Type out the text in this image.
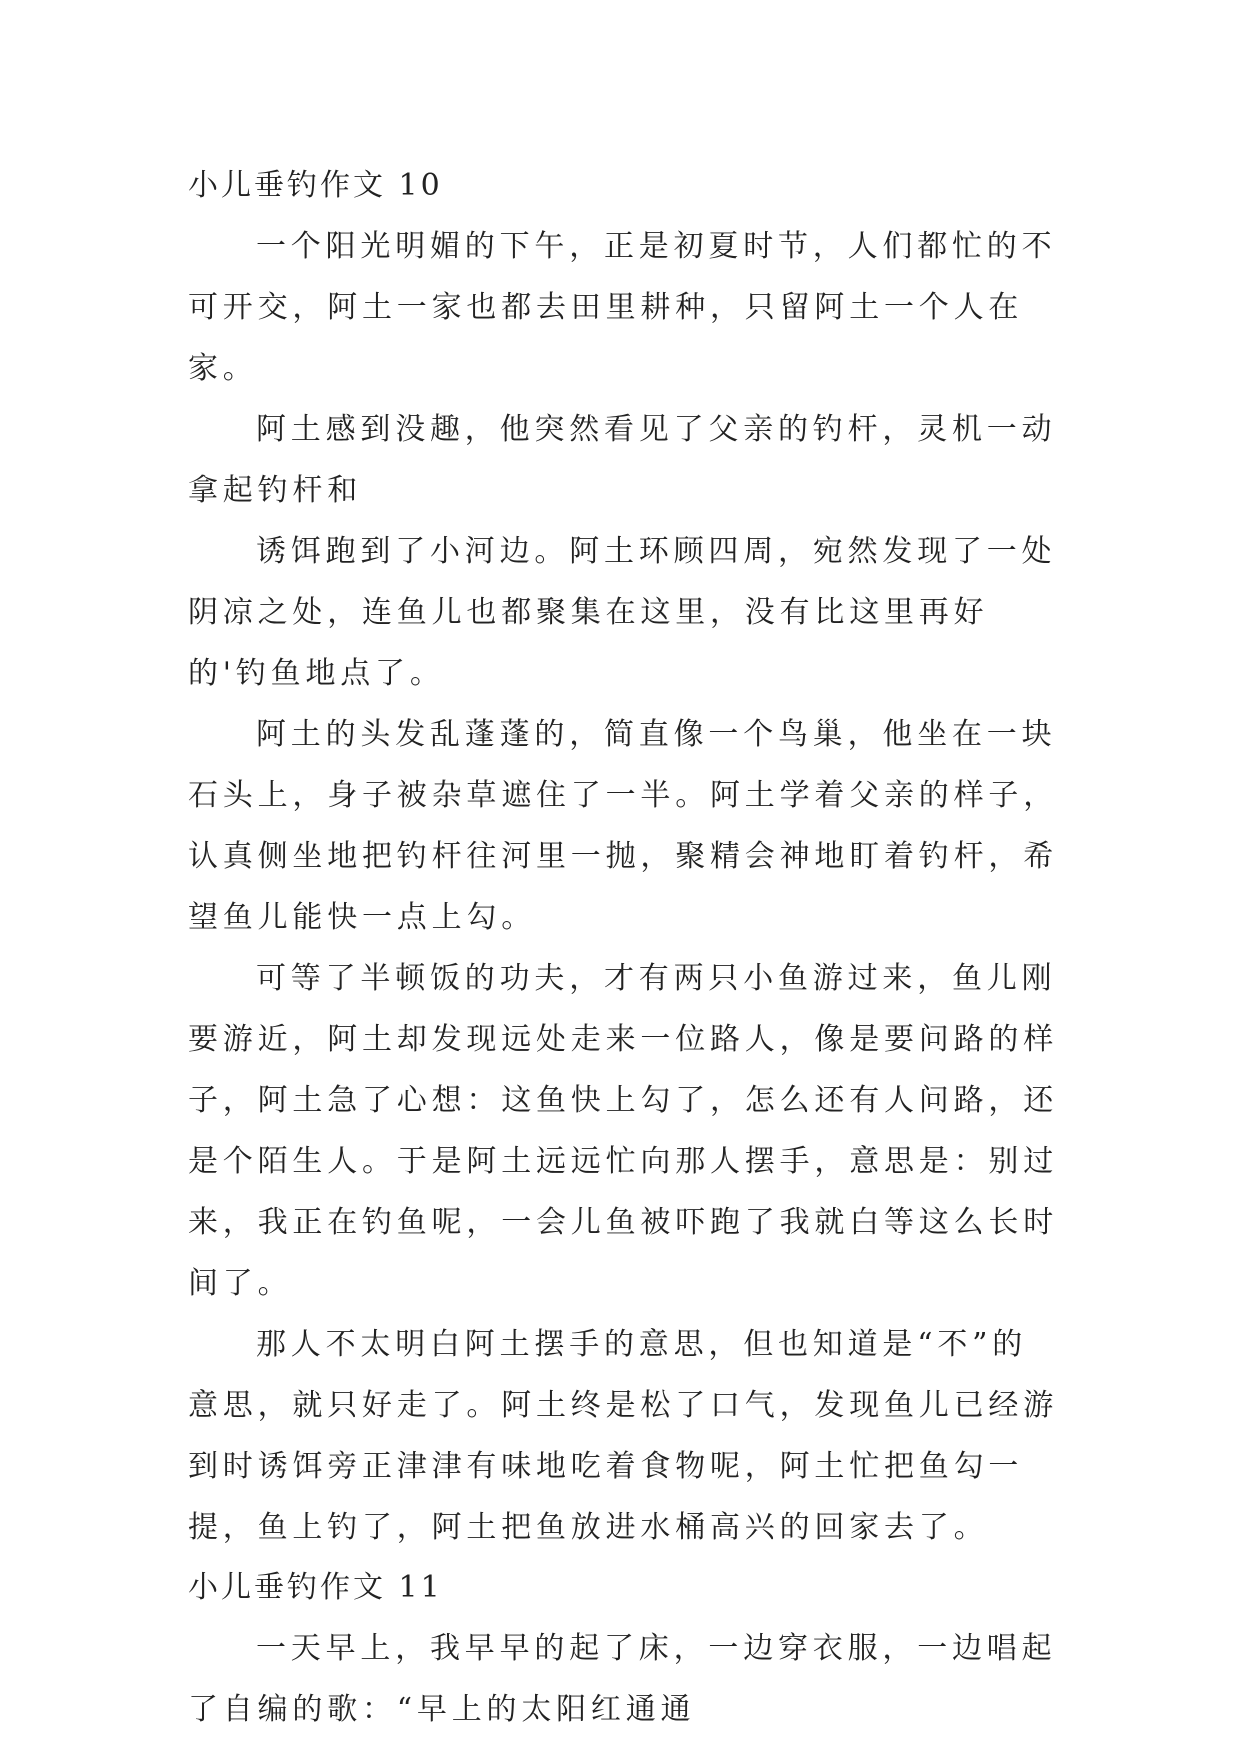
小儿垂钓作文 10

一个阳光明媚的下午，正是初夏时节，人们都忙的不可开交，阿土一家也都去田里耕种，只留阿土一个人在家。

阿土感到没趣，他突然看见了父亲的钓杆，灵机一动拿起钓杆和

诱饵跑到了小河边。阿土环顾四周，宛然发现了一处阴凉之处，连鱼儿也都聚集在这里，没有比这里再好的'钓鱼地点了。

阿土的头发乱蓬蓬的，简直像一个鸟巢，他坐在一块石头上，身子被杂草遮住了一半。阿土学着父亲的样子，认真侧坐地把钓杆往河里一抛，聚精会神地盯着钓杆，希望鱼儿能快一点上勾。

可等了半顿饭的功夫，才有两只小鱼游过来，鱼儿刚要游近，阿土却发现远处走来一位路人，像是要问路的样子，阿土急了心想：这鱼快上勾了，怎么还有人问路，还是个陌生人。于是阿土远远忙向那人摆手，意思是：别过来，我正在钓鱼呢，一会儿鱼被吓跑了我就白等这么长时间了。

那人不太明白阿土摆手的意思，但也知道是“不”的意思，就只好走了。阿土终是松了口气，发现鱼儿已经游到时诱饵旁正津津有味地吃着食物呢，阿土忙把鱼勾一提，鱼上钓了，阿土把鱼放进水桶高兴的回家去了。

小儿垂钓作文 11

一天早上，我早早的起了床，一边穿衣服，一边唱起了自编的歌：“早上的太阳红通通
